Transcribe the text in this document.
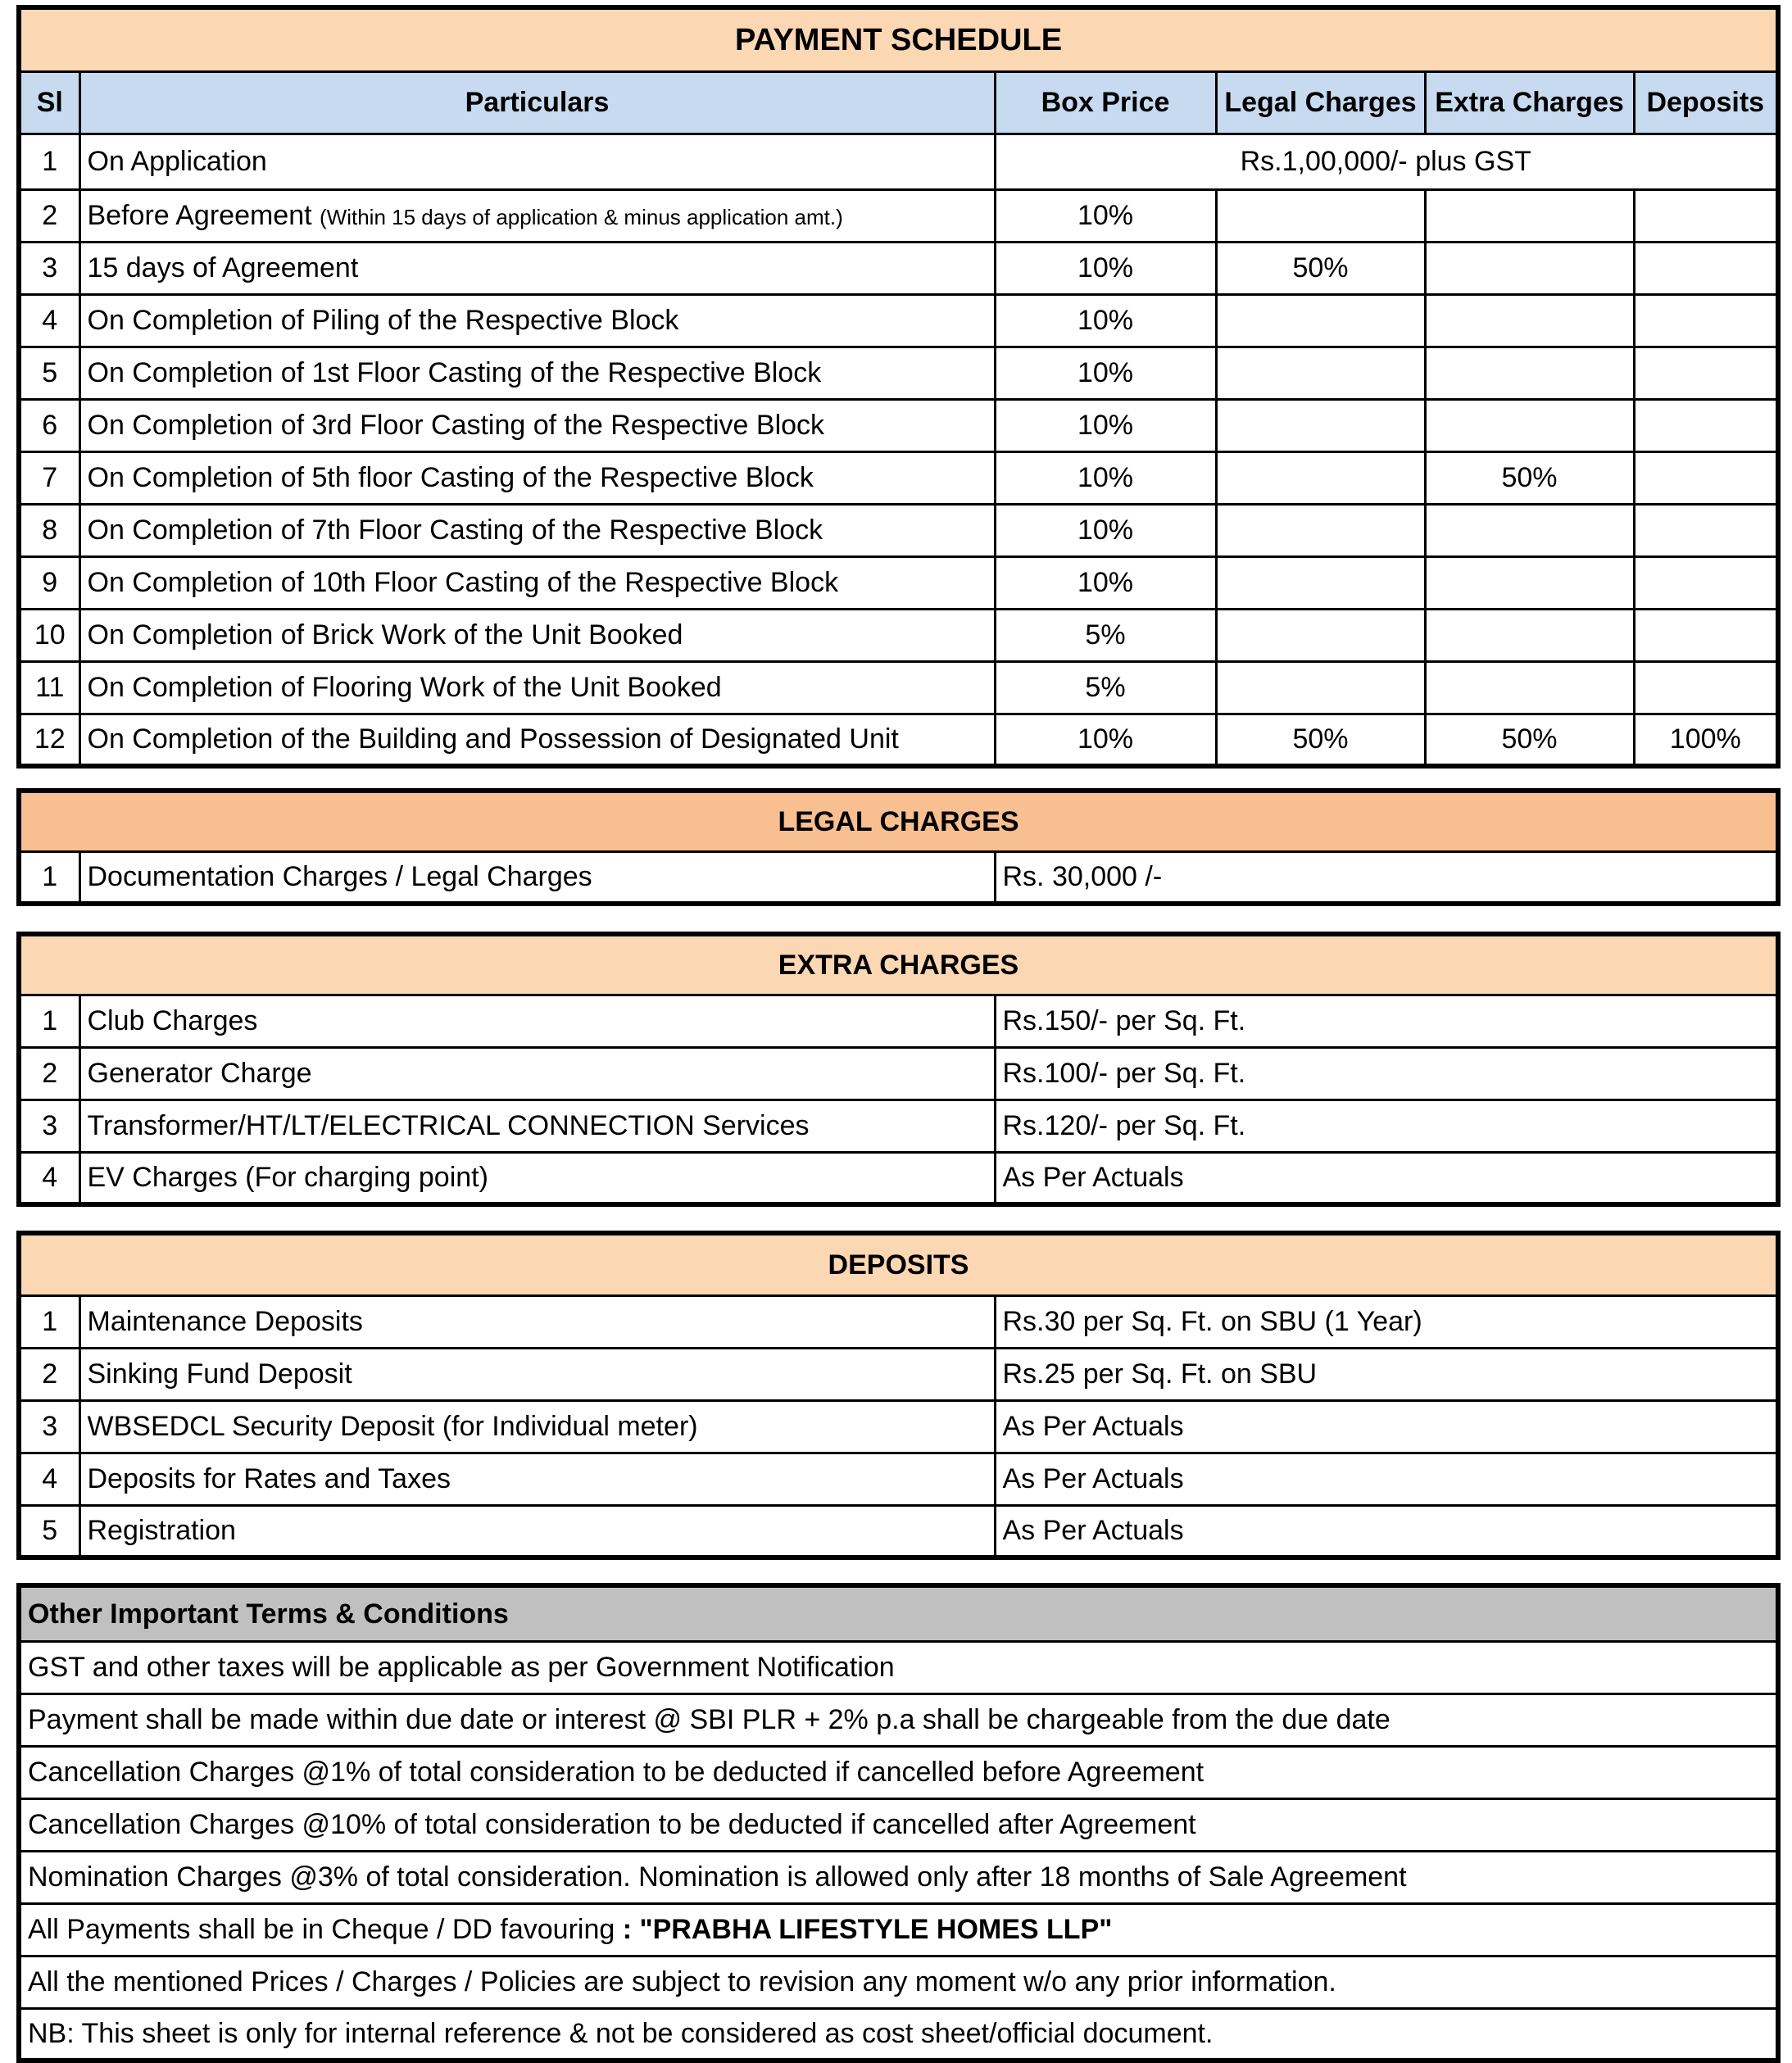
PAYMENT SCHEDULE					
Sl	Particulars	Box Price	Legal Charges	Extra Charges	Deposits
1	On Application	Rs.1,00,000/- plus GST			
2	Before Agreement (Within 15 days of application & minus application amt.)	10%			
3	15 days of Agreement	10%	50%		
4	On Completion of Piling of the Respective Block	10%			
5	On Completion of 1st Floor Casting of the Respective Block	10%			
6	On Completion of 3rd Floor Casting of the Respective Block	10%			
7	On Completion of 5th floor Casting of the Respective Block	10%		50%	
8	On Completion of 7th Floor Casting of the Respective Block	10%			
9	On Completion of 10th Floor Casting of the Respective Block	10%			
10	On Completion of Brick Work of the Unit Booked	5%			
11	On Completion of Flooring Work of the Unit Booked	5%			
12	On Completion of the Building and Possession of Designated Unit	10%	50%	50%	100%
LEGAL CHARGES
1	Documentation Charges / Legal Charges	Rs. 30,000 /-
EXTRA CHARGES		
1	Club Charges	Rs.150/- per Sq. Ft.
2	Generator Charge	Rs.100/- per Sq. Ft.
3	Transformer/HT/LT/ELECTRICAL CONNECTION Services	Rs.120/- per Sq. Ft.
4	EV Charges (For charging point)	As Per Actuals
DEPOSITS		
1	Maintenance Deposits	Rs.30 per Sq. Ft. on SBU (1 Year)
2	Sinking Fund Deposit	Rs.25 per Sq. Ft. on SBU
3	WBSEDCL Security Deposit (for Individual meter)	As Per Actuals
4	Deposits for Rates and Taxes	As Per Actuals
5	Registration	As Per Actuals
Other Important Terms & Conditions
GST and other taxes will be applicable as per Government Notification
Payment shall be made within due date or interest @ SBI PLR + 2% p.a shall be chargeable from the due date
Cancellation Charges @1% of total consideration to be deducted if cancelled before Agreement
Cancellation Charges @10% of total consideration to be deducted if cancelled after Agreement
Nomination Charges @3% of total consideration. Nomination is allowed only after 18 months of Sale Agreement
All Payments shall be in Cheque / DD favouring : "PRABHA LIFESTYLE HOMES LLP"
All the mentioned Prices / Charges / Policies are subject to revision any moment w/o any prior information.
NB: This sheet is only for internal reference & not be considered as cost sheet/official document.
